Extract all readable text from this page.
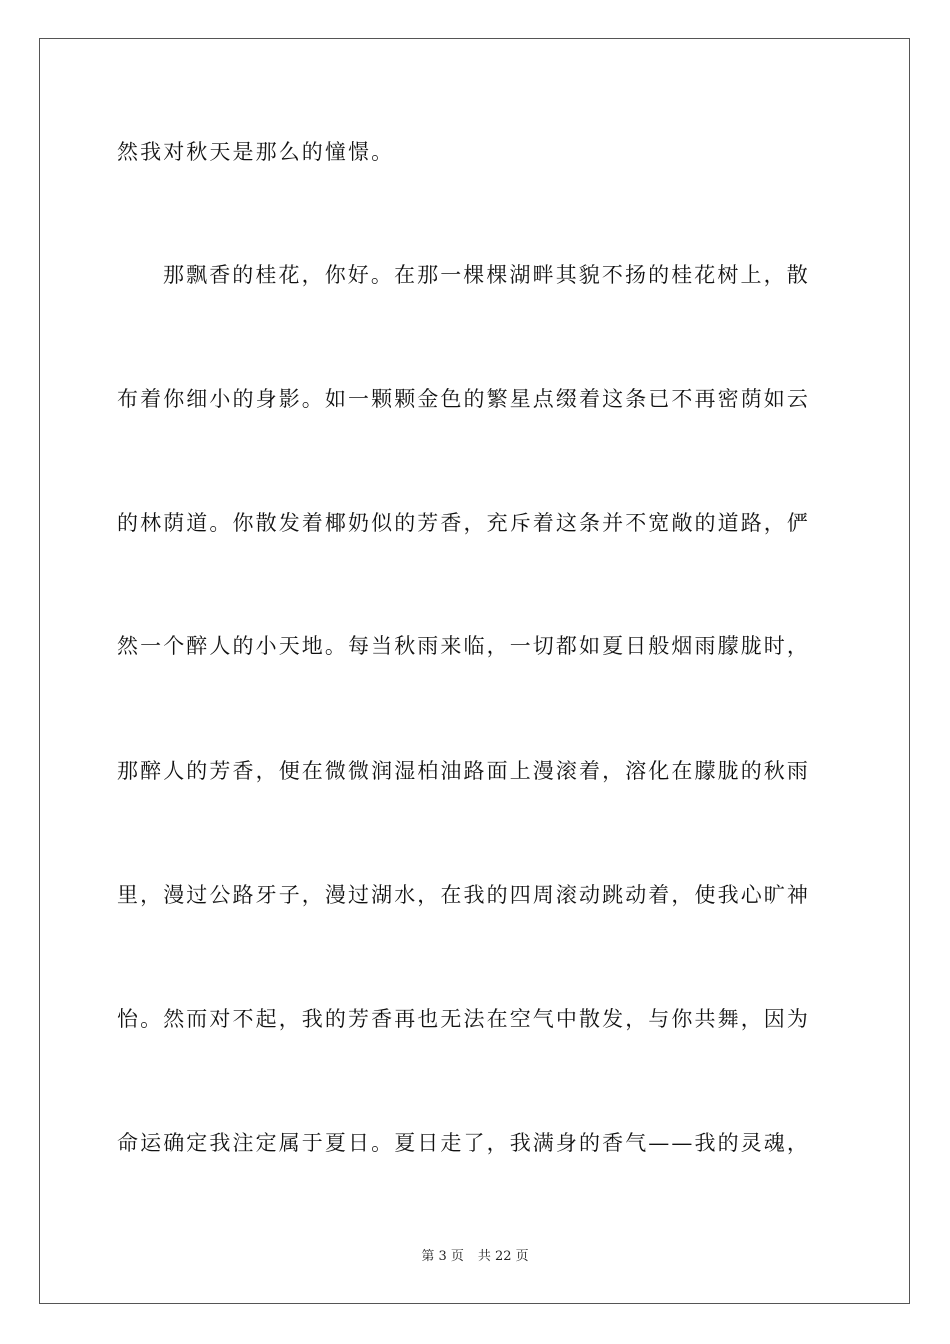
然我对秋天是那么的憧憬。
那飘香的桂花，你好。在那一棵棵湖畔其貌不扬的桂花树上，散
布着你细小的身影。如一颗颗金色的繁星点缀着这条已不再密荫如云
的林荫道。你散发着椰奶似的芳香，充斥着这条并不宽敞的道路，俨
然一个醉人的小天地。每当秋雨来临，一切都如夏日般烟雨朦胧时，
那醉人的芳香，便在微微润湿柏油路面上漫滚着，溶化在朦胧的秋雨
里，漫过公路牙子，漫过湖水，在我的四周滚动跳动着，使我心旷神
怡。然而对不起，我的芳香再也无法在空气中散发，与你共舞，因为
命运确定我注定属于夏日。夏日走了，我满身的香气——我的灵魂，
第 3 页 共 22 页
